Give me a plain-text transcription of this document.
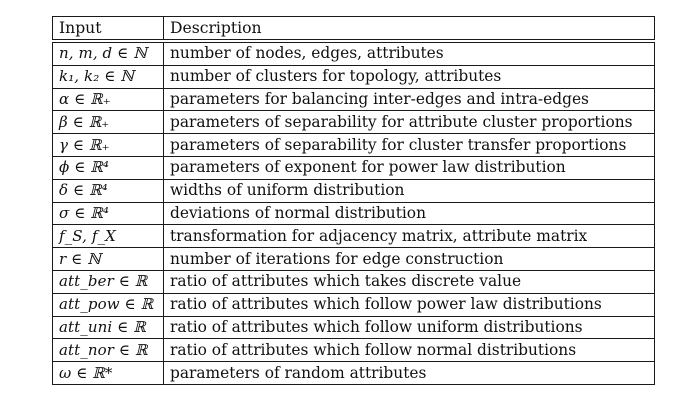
Input	Description

n, m, d ∈ ℕ	number of nodes, edges, attributes
k₁, k₂ ∈ ℕ	number of clusters for topology, attributes
α ∈ ℝ₊	parameters for balancing inter-edges and intra-edges
β ∈ ℝ₊	parameters of separability for attribute cluster proportions
γ ∈ ℝ₊	parameters of separability for cluster transfer proportions
ϕ ∈ ℝ⁴	parameters of exponent for power law distribution
δ ∈ ℝ⁴	widths of uniform distribution
σ ∈ ℝ⁴	deviations of normal distribution
f_S, f_X	transformation for adjacency matrix, attribute matrix
r ∈ ℕ	number of iterations for edge construction
att_ber ∈ ℝ	ratio of attributes which takes discrete value
att_pow ∈ ℝ	ratio of attributes which follow power law distributions
att_uni ∈ ℝ	ratio of attributes which follow uniform distributions
att_nor ∈ ℝ	ratio of attributes which follow normal distributions
ω ∈ ℝ*	parameters of random attributes
